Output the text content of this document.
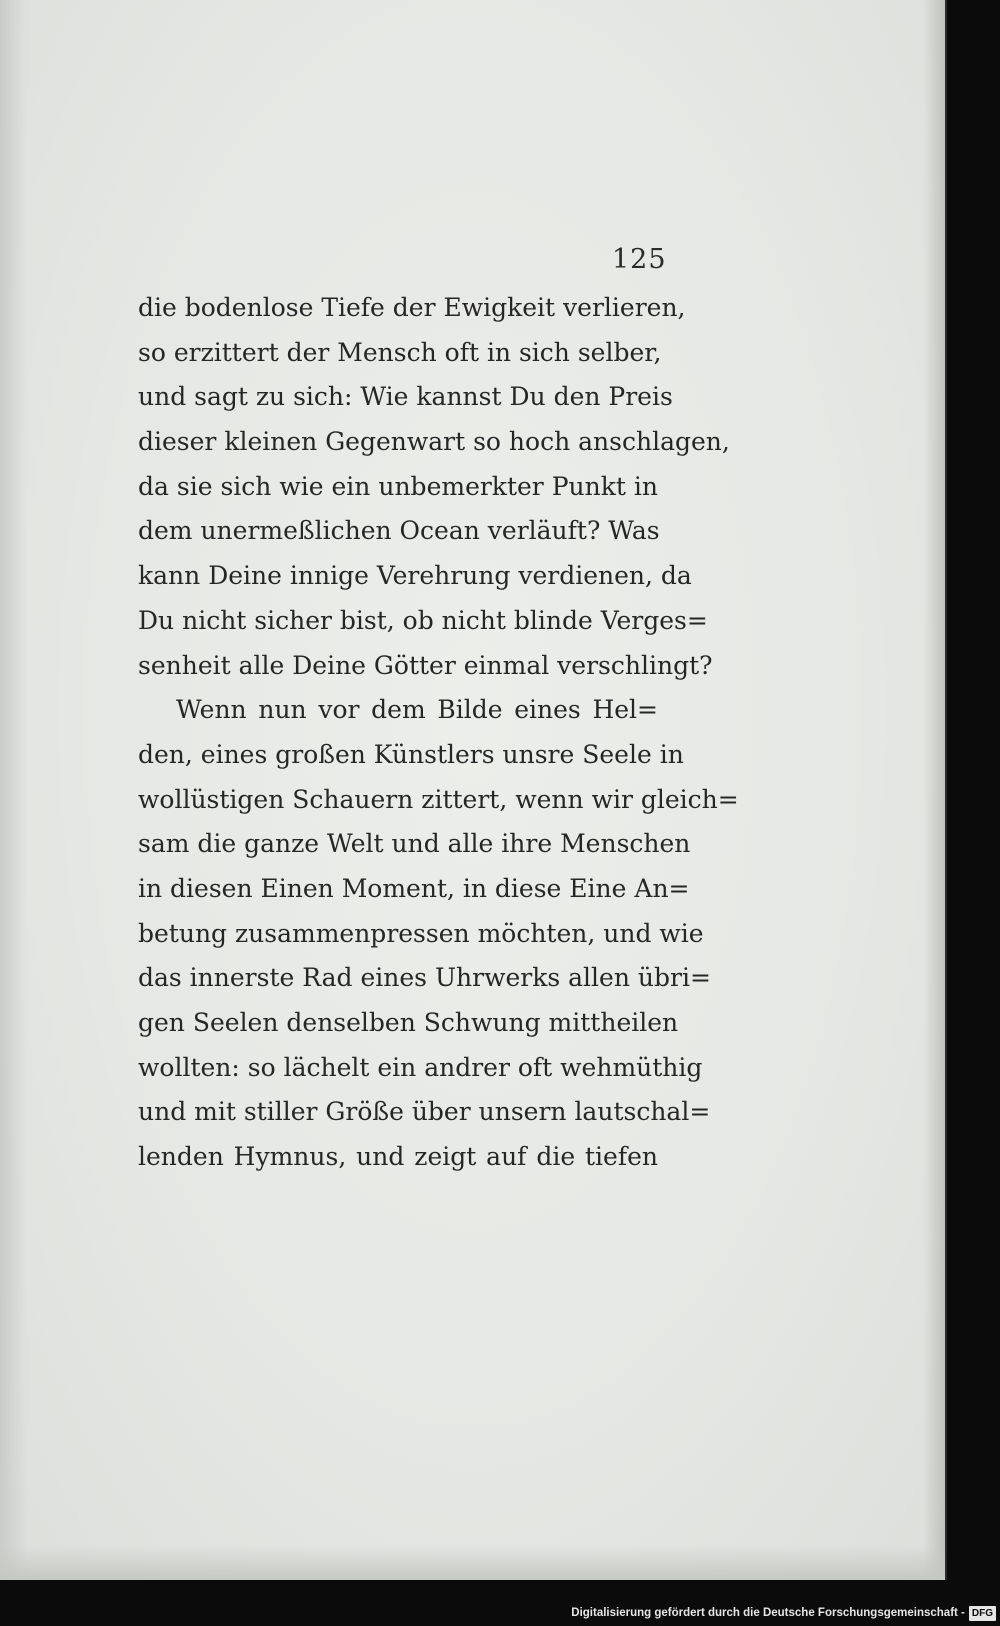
125
die bodenlose Tiefe der Ewigkeit verlieren,
so erzittert der Mensch oft in sich selber,
und sagt zu sich: Wie kannst Du den Preis
dieser kleinen Gegenwart so hoch anschlagen,
da sie sich wie ein unbemerkter Punkt in
dem unermeßlichen Ocean verläuft? Was
kann Deine innige Verehrung verdienen, da
Du nicht sicher bist, ob nicht blinde Verges=
senheit alle Deine Götter einmal verschlingt?
Wenn nun vor dem Bilde eines Hel=
den, eines großen Künstlers unsre Seele in
wollüstigen Schauern zittert, wenn wir gleich=
sam die ganze Welt und alle ihre Menschen
in diesen Einen Moment, in diese Eine An=
betung zusammenpressen möchten, und wie
das innerste Rad eines Uhrwerks allen übri=
gen Seelen denselben Schwung mittheilen
wollten: so lächelt ein andrer oft wehmüthig
und mit stiller Größe über unsern lautschal=
lenden Hymnus, und zeigt auf die tiefen
Digitalisierung gefördert durch die Deutsche Forschungsgemeinschaft - DFG
